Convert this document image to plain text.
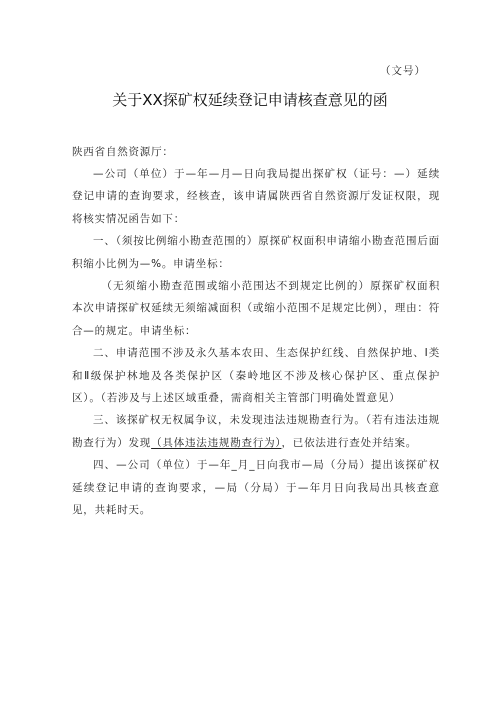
（文号）
关于XX探矿权延续登记申请核查意见的函
陕西省自然资源厅：

—公司（单位）于—年—月—日向我局提出探矿权（证号：—）延续登记申请的查询要求，经核查，该申请属陕西省自然资源厅发证权限，现将核实情况函告如下：

一、（须按比例缩小勘查范围的）原探矿权面积申请缩小勘查范围后面积缩小比例为—%。申请坐标：

（无须缩小勘查范围或缩小范围达不到规定比例的）原探矿权面积本次申请探矿权延续无须缩减面积（或缩小范围不足规定比例），理由：符合—的规定。申请坐标：

二、申请范围不涉及永久基本农田、生态保护红线、自然保护地、Ⅰ类和Ⅱ级保护林地及各类保护区（秦岭地区不涉及核心保护区、重点保护区）。（若涉及与上述区域重叠，需商相关主管部门明确处置意见）

三、该探矿权无权属争议，未发现违法违规勘查行为。（若有违法违规勘查行为）发现（具体违法违规勘查行为），已依法进行查处并结案。

四、—公司（单位）于—年_月_日向我市—局（分局）提出该探矿权延续登记申请的查询要求，—局（分局）于—年月日向我局出具核查意见，共耗时天。
